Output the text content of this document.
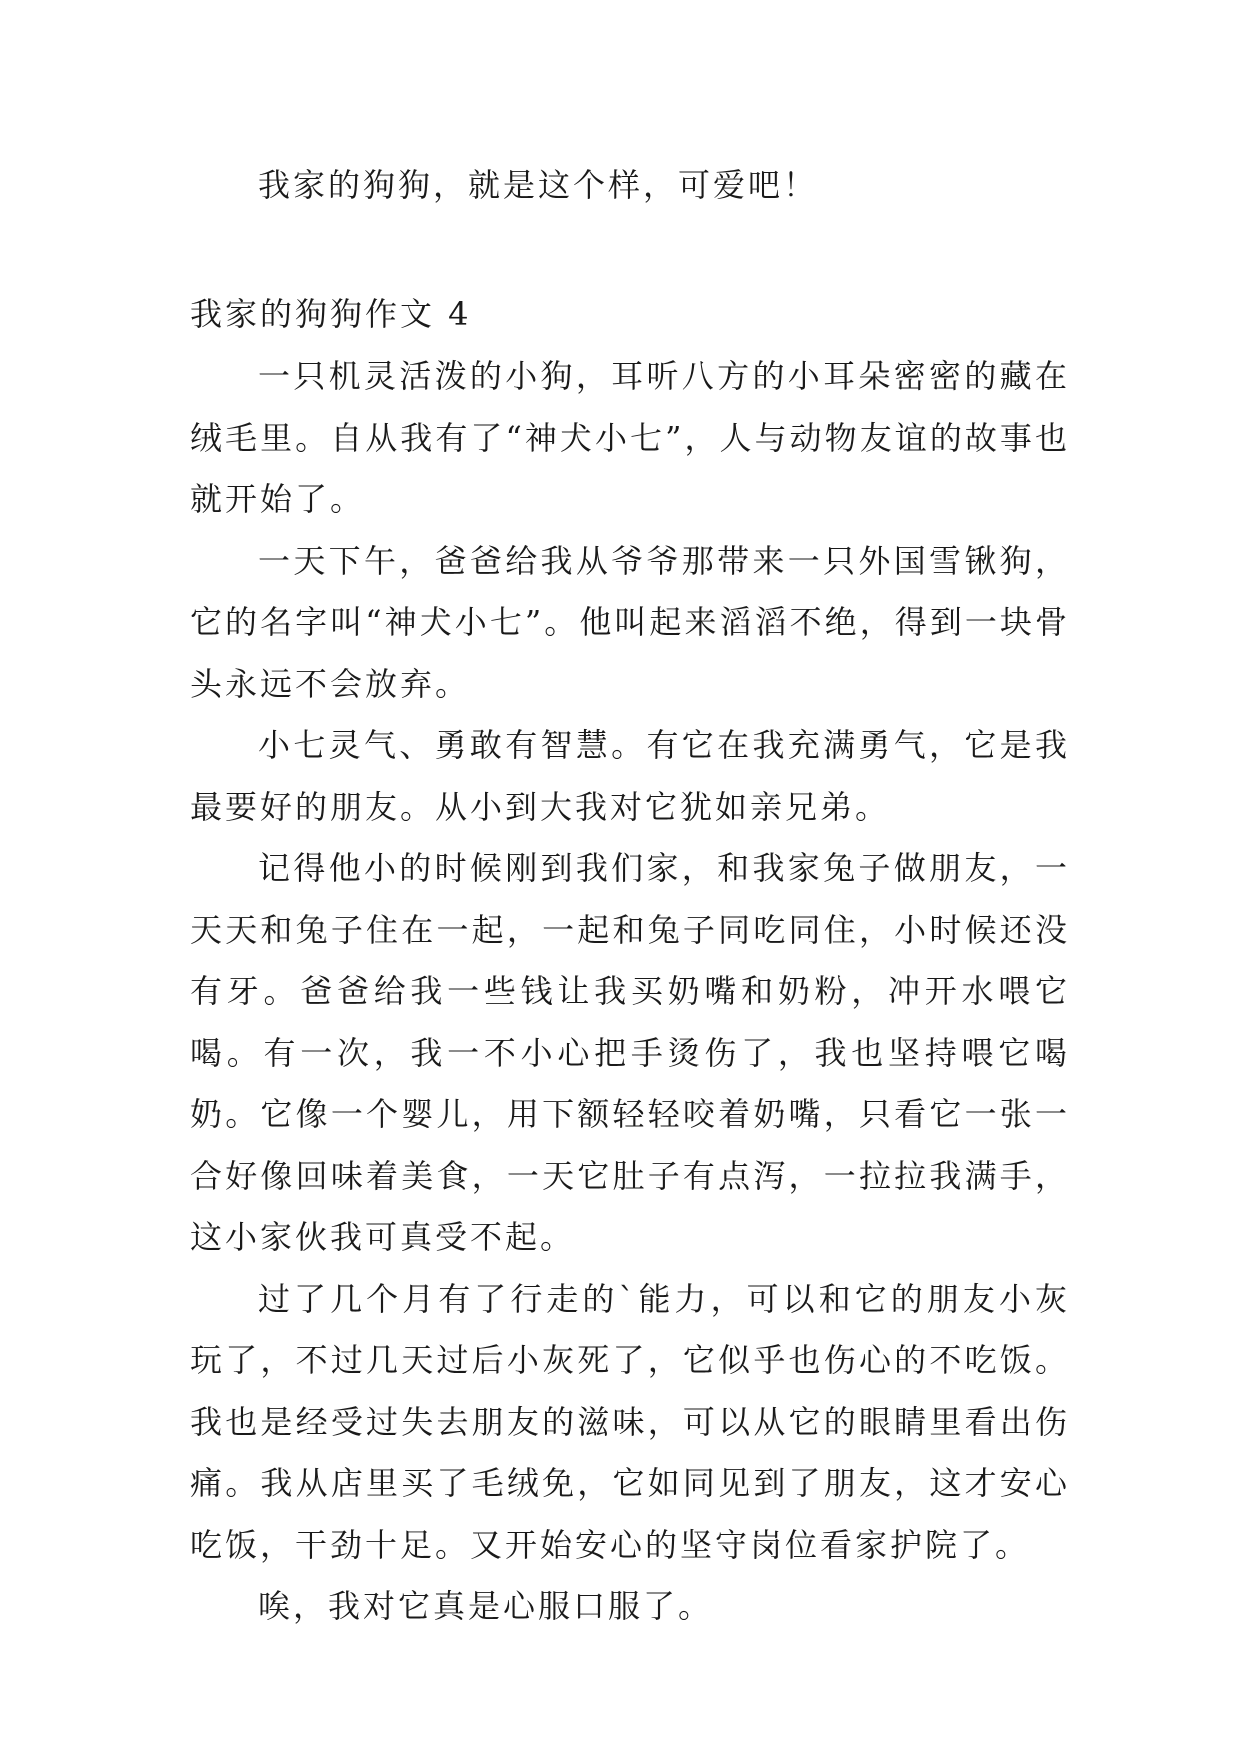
我家的狗狗，就是这个样，可爱吧！

我家的狗狗作文 4

一只机灵活泼的小狗，耳听八方的小耳朵密密的藏在绒毛里。自从我有了“神犬小七”，人与动物友谊的故事也就开始了。

一天下午，爸爸给我从爷爷那带来一只外国雪锹狗，它的名字叫“神犬小七”。他叫起来滔滔不绝，得到一块骨头永远不会放弃。

小七灵气、勇敢有智慧。有它在我充满勇气，它是我最要好的朋友。从小到大我对它犹如亲兄弟。

记得他小的时候刚到我们家，和我家兔子做朋友，一天天和兔子住在一起，一起和兔子同吃同住，小时候还没有牙。爸爸给我一些钱让我买奶嘴和奶粉，冲开水喂它喝。有一次，我一不小心把手烫伤了，我也坚持喂它喝奶。它像一个婴儿，用下额轻轻咬着奶嘴，只看它一张一合好像回味着美食，一天它肚子有点泻，一拉拉我满手，这小家伙我可真受不起。

过了几个月有了行走的`能力，可以和它的朋友小灰玩了，不过几天过后小灰死了，它似乎也伤心的不吃饭。我也是经受过失去朋友的滋味，可以从它的眼睛里看出伤痛。我从店里买了毛绒免，它如同见到了朋友，这才安心吃饭，干劲十足。又开始安心的坚守岗位看家护院了。

唉，我对它真是心服口服了。
